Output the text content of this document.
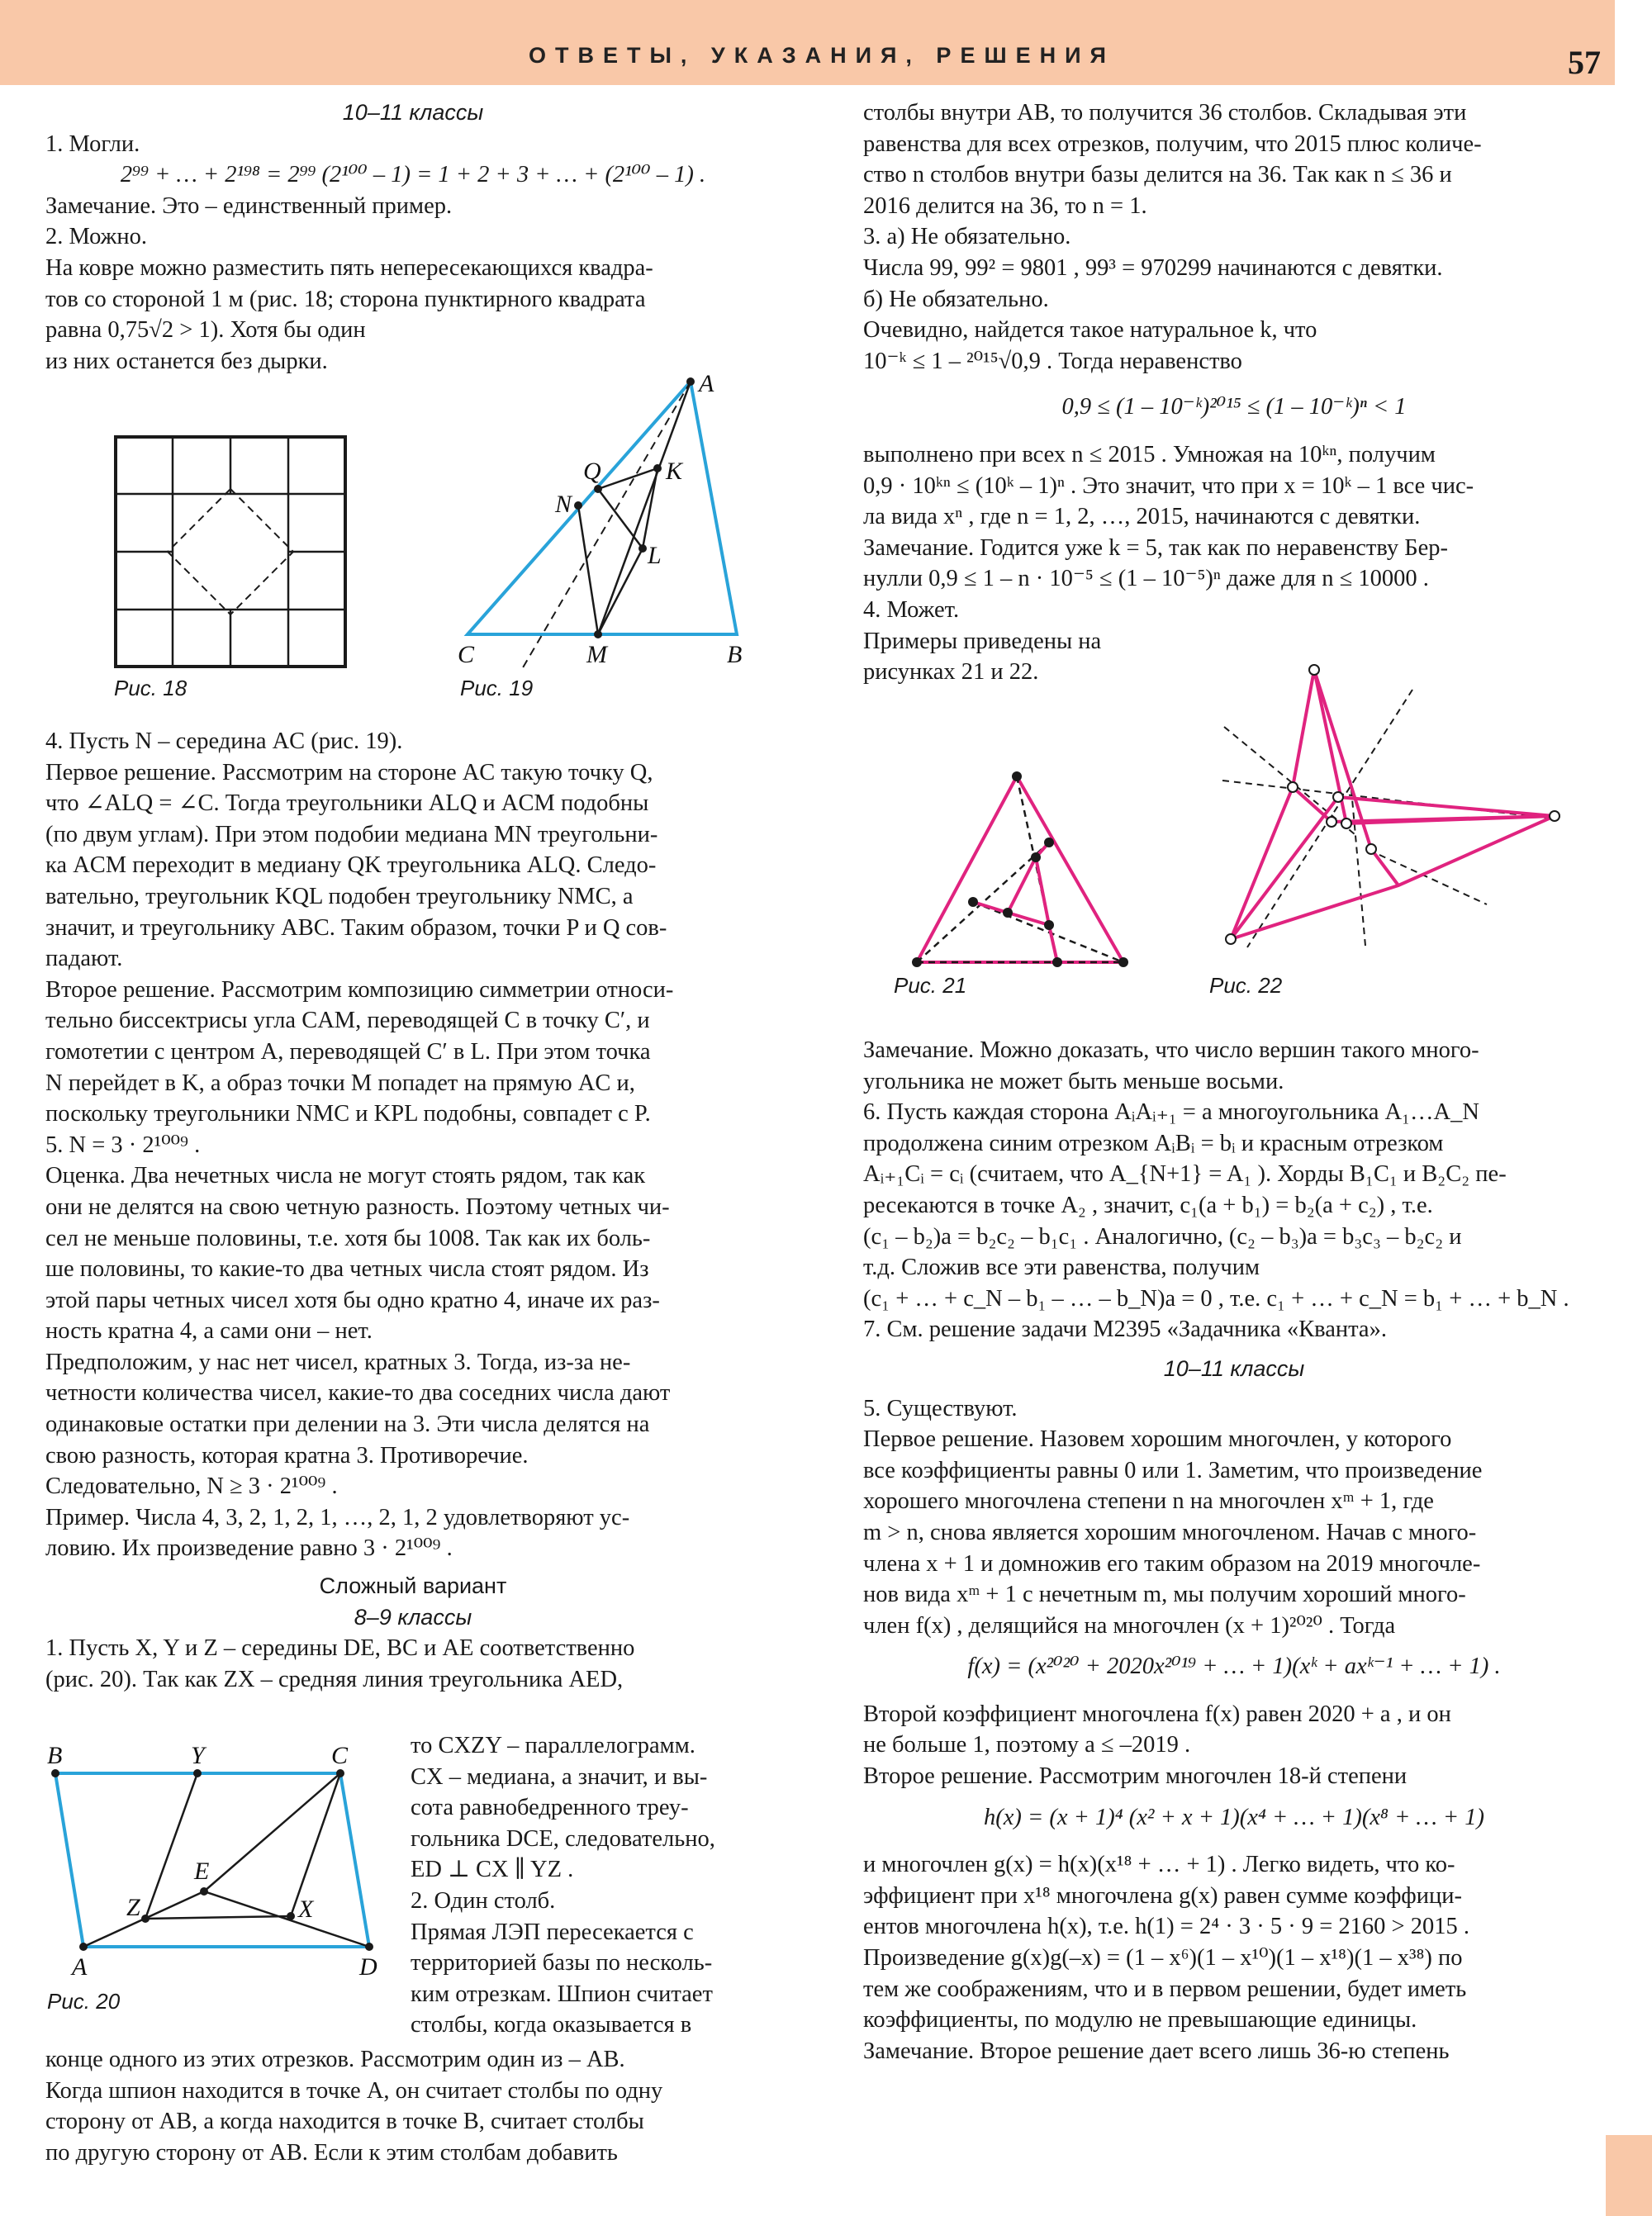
ОТВЕТЫ, УКАЗАНИЯ, РЕШЕНИЯ	57

10–11 классы

1. Могли.

2⁹⁹ + … + 2¹⁹⁸ = 2⁹⁹ (2¹⁰⁰ – 1) = 1 + 2 + 3 + … + (2¹⁰⁰ – 1) .

Замечание. Это – единственный пример.

2. Можно.

На ковре можно разместить пять непересекающихся квадра-

тов со стороной 1 м (рис. 18; сторона пунктирного квадрата

равна 0,75√2 > 1). Хотя бы один

из них останется без дырки.

Рис. 18
A
C	B
M
N
Q	K
L
Рис. 19

4. Пусть N – середина AC (рис. 19).

Первое решение. Рассмотрим на стороне AC такую точку Q,

что ∠ALQ = ∠C. Тогда треугольники ALQ и ACM подобны

(по двум углам). При этом подобии медиана MN треугольни-

ка ACM переходит в медиану QK треугольника ALQ. Следо-

вательно, треугольник KQL подобен треугольнику NMC, а

значит, и треугольнику ABC. Таким образом, точки P и Q сов-

падают.

Второе решение. Рассмотрим композицию симметрии относи-

тельно биссектрисы угла CAM, переводящей C в точку C′, и

гомотетии с центром A, переводящей C′ в L. При этом точка

N перейдет в K, а образ точки M попадет на прямую AC и,

поскольку треугольники NMC и KPL подобны, совпадет с P.

5. N = 3 · 2¹⁰⁰⁹ .

Оценка. Два нечетных числа не могут стоять рядом, так как

они не делятся на свою четную разность. Поэтому четных чи-

сел не меньше половины, т.е. хотя бы 1008. Так как их боль-

ше половины, то какие-то два четных числа стоят рядом. Из

этой пары четных чисел хотя бы одно кратно 4, иначе их раз-

ность кратна 4, а сами они – нет.

Предположим, у нас нет чисел, кратных 3. Тогда, из-за не-

четности количества чисел, какие-то два соседних числа дают

одинаковые остатки при делении на 3. Эти числа делятся на

свою разность, которая кратна 3. Противоречие.

Следовательно, N ≥ 3 · 2¹⁰⁰⁹ .

Пример. Числа 4, 3, 2, 1, 2, 1, …, 2, 1, 2 удовлетворяют ус-

ловию. Их произведение равно 3 · 2¹⁰⁰⁹ .

Сложный вариант

8–9 классы

1. Пусть X, Y и Z – середины DE, BC и AE соответственно

(рис. 20). Так как ZX – средняя линия треугольника AED,

то CXZY – параллелограмм.

CX – медиана, а значит, и вы-

сота равнобедренного треу-

гольника DCE, следовательно,

ED ⊥ CX ∥ YZ .

2. Один столб.

Прямая ЛЭП пересекается с

территорией базы по несколь-

ким отрезкам. Шпион считает

столбы, когда оказывается в

B	Y	C
E
Z	X
A	D
Рис. 20

конце одного из этих отрезков. Рассмотрим один из – AB.

Когда шпион находится в точке A, он считает столбы по одну

сторону от AB, а когда находится в точке B, считает столбы

по другую сторону от AB. Если к этим столбам добавить

столбы внутри AB, то получится 36 столбов. Складывая эти

равенства для всех отрезков, получим, что 2015 плюс количе-

ство n столбов внутри базы делится на 36. Так как n ≤ 36 и

2016 делится на 36, то n = 1.

3. а) Не обязательно.

Числа 99, 99² = 9801 , 99³ = 970299 начинаются с девятки.

б) Не обязательно.

Очевидно, найдется такое натуральное k, что

10⁻ᵏ ≤ 1 – ²⁰¹⁵√0,9 . Тогда неравенство

0,9 ≤ (1 – 10⁻ᵏ)²⁰¹⁵ ≤ (1 – 10⁻ᵏ)ⁿ < 1

выполнено при всех n ≤ 2015 . Умножая на 10ᵏⁿ, получим

0,9 · 10ᵏⁿ ≤ (10ᵏ – 1)ⁿ . Это значит, что при x = 10ᵏ – 1 все чис-

ла вида xⁿ , где n = 1, 2, …, 2015, начинаются с девятки.

Замечание. Годится уже k = 5, так как по неравенству Бер-

нулли 0,9 ≤ 1 – n · 10⁻⁵ ≤ (1 – 10⁻⁵)ⁿ даже для n ≤ 10000 .

4. Может.

Примеры приведены на

рисунках 21 и 22.

Рис. 21	Рис. 22

Замечание. Можно доказать, что число вершин такого много-

угольника не может быть меньше восьми.

6. Пусть каждая сторона AᵢAᵢ₊₁ = a многоугольника A₁…A_N

продолжена синим отрезком AᵢBᵢ = bᵢ и красным отрезком

Aᵢ₊₁Cᵢ = cᵢ (считаем, что A_{N+1} = A₁ ). Хорды B₁C₁ и B₂C₂ пе-

ресекаются в точке A₂ , значит, c₁(a + b₁) = b₂(a + c₂) , т.е.

(c₁ – b₂)a = b₂c₂ – b₁c₁ . Аналогично, (c₂ – b₃)a = b₃c₃ – b₂c₂ и

т.д. Сложив все эти равенства, получим

(c₁ + … + c_N – b₁ – … – b_N)a = 0 , т.е. c₁ + … + c_N = b₁ + … + b_N .

7. См. решение задачи М2395 «Задачника «Кванта».

10–11 классы

5. Существуют.

Первое решение. Назовем хорошим многочлен, у которого

все коэффициенты равны 0 или 1. Заметим, что произведение

хорошего многочлена степени n на многочлен xᵐ + 1, где

m > n, снова является хорошим многочленом. Начав с много-

члена x + 1 и домножив его таким образом на 2019 многочле-

нов вида xᵐ + 1 с нечетным m, мы получим хороший много-

член f(x) , делящийся на многочлен (x + 1)²⁰²⁰ . Тогда

f(x) = (x²⁰²⁰ + 2020x²⁰¹⁹ + … + 1)(xᵏ + axᵏ⁻¹ + … + 1) .

Второй коэффициент многочлена f(x) равен 2020 + a , и он

не больше 1, поэтому a ≤ –2019 .

Второе решение. Рассмотрим многочлен 18-й степени

h(x) = (x + 1)⁴ (x² + x + 1)(x⁴ + … + 1)(x⁸ + … + 1)

и многочлен g(x) = h(x)(x¹⁸ + … + 1) . Легко видеть, что ко-

эффициент при x¹⁸ многочлена g(x) равен сумме коэффици-

ентов многочлена h(x), т.е. h(1) = 2⁴ · 3 · 5 · 9 = 2160 > 2015 .

Произведение g(x)g(–x) = (1 – x⁶)(1 – x¹⁰)(1 – x¹⁸)(1 – x³⁸) по

тем же соображениям, что и в первом решении, будет иметь

коэффициенты, по модулю не превышающие единицы.

Замечание. Второе решение дает всего лишь 36-ю степень
